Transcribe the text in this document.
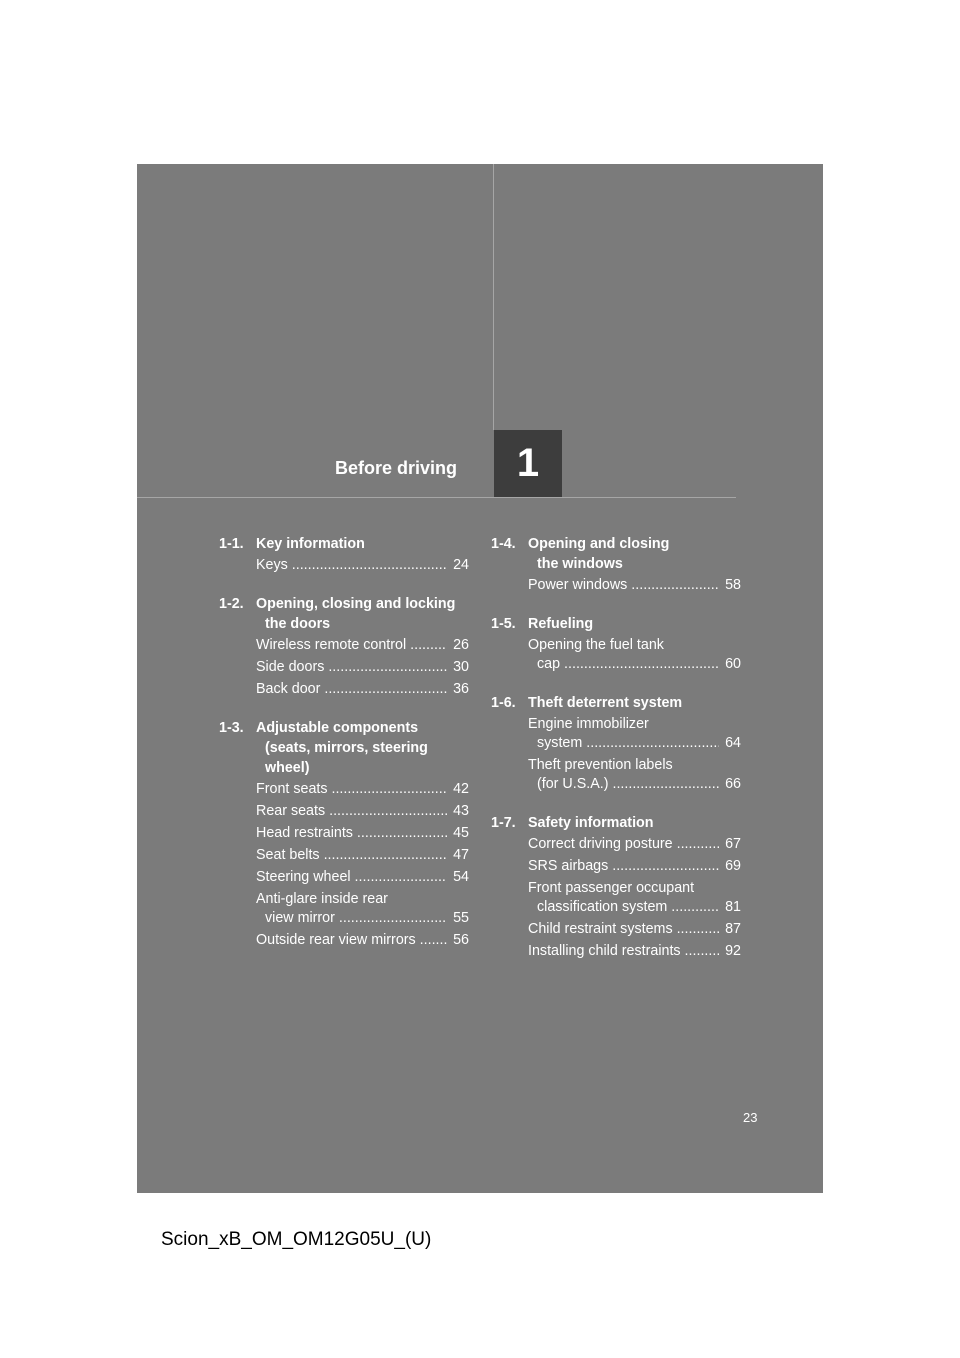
Before driving 1
1-1. Key information
Keys .....	24
1-2. Opening, closing and locking
the doors
Wireless remote control .....	26
Side doors .....	30
Back door .....	36
1-3. Adjustable components
(seats, mirrors, steering wheel)
Front seats .....	42
Rear seats .....	43
Head restraints .....	45
Seat belts .....	47
Steering wheel .....	54
Anti-glare inside rear
view mirror .....	55
Outside rear view mirrors .....	56
1-4. Opening and closing
the windows
Power windows .....	58
1-5. Refueling
Opening the fuel tank
cap .....	60
1-6. Theft deterrent system
Engine immobilizer
system .....	64
Theft prevention labels
(for U.S.A.) .....	66
1-7. Safety information
Correct driving posture .....	67
SRS airbags .....	69
Front passenger occupant
classification system .....	81
Child restraint systems .....	87
Installing child restraints .....	92
23
Scion_xB_OM_OM12G05U_(U)
